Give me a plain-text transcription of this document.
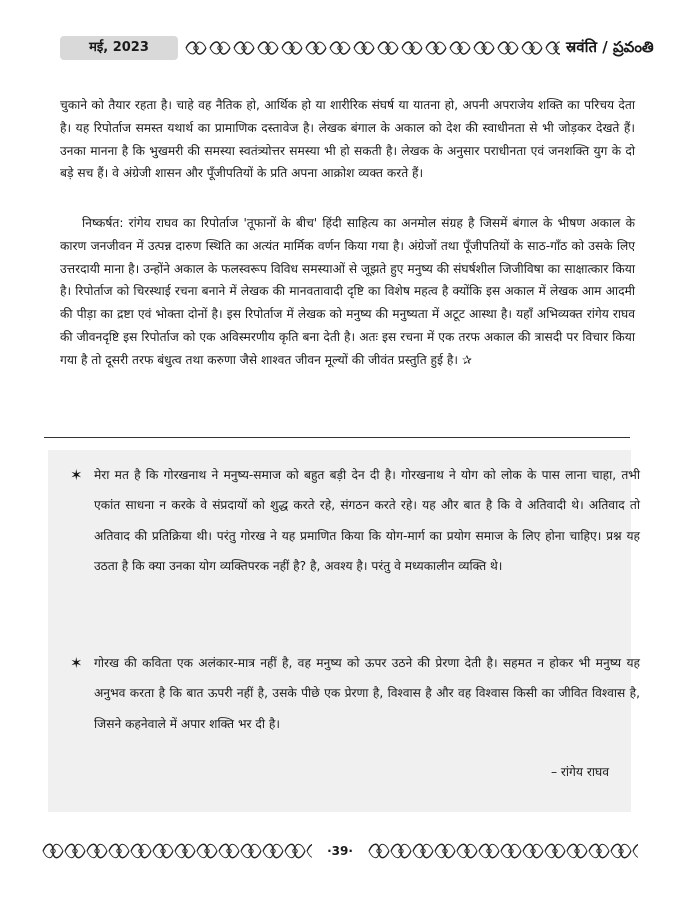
मई, 2023	स्रवंति / ప్రవంతి

चुकाने को तैयार रहता है। चाहे वह नैतिक हो, आर्थिक हो या शारीरिक संघर्ष या यातना हो, अपनी अपराजेय शक्ति का परिचय देता है। यह रिपोर्ताज समस्त यथार्थ का प्रामाणिक दस्तावेज है। लेखक बंगाल के अकाल को देश की स्वाधीनता से भी जोड़कर देखते हैं। उनका मानना है कि भुखमरी की समस्या स्वतंत्र्योत्तर समस्या भी हो सकती है। लेखक के अनुसार पराधीनता एवं जनशक्ति युग के दो बड़े सच हैं। वे अंग्रेजी शासन और पूँजीपतियों के प्रति अपना आक्रोश व्यक्त करते हैं।

निष्कर्षत: रांगेय राघव का रिपोर्ताज 'तूफानों के बीच' हिंदी साहित्य का अनमोल संग्रह है जिसमें बंगाल के भीषण अकाल के कारण जनजीवन में उत्पन्न दारुण स्थिति का अत्यंत मार्मिक वर्णन किया गया है। अंग्रेजों तथा पूँजीपतियों के साठ-गाँठ को उसके लिए उत्तरदायी माना है। उन्होंने अकाल के फलस्वरूप विविध समस्याओं से जूझते हुए मनुष्य की संघर्षशील जिजीविषा का साक्षात्कार किया है। रिपोर्ताज को चिरस्थाई रचना बनाने में लेखक की मानवतावादी दृष्टि का विशेष महत्व है क्योंकि इस अकाल में लेखक आम आदमी की पीड़ा का द्रष्टा एवं भोक्ता दोनों है। इस रिपोर्ताज में लेखक को मनुष्य की मनुष्यता में अटूट आस्था है। यहाँ अभिव्यक्त रांगेय राघव की जीवनदृष्टि इस रिपोर्ताज को एक अविस्मरणीय कृति बना देती है। अतः इस रचना में एक तरफ अकाल की त्रासदी पर विचार किया गया है तो दूसरी तरफ बंधुत्व तथा करुणा जैसे शाश्वत जीवन मूल्यों की जीवंत प्रस्तुति हुई है। ✰

✶ मेरा मत है कि गोरखनाथ ने मनुष्य-समाज को बहुत बड़ी देन दी है। गोरखनाथ ने योग को लोक के पास लाना चाहा, तभी एकांत साधना न करके वे संप्रदायों को शुद्ध करते रहे, संगठन करते रहे। यह और बात है कि वे अतिवादी थे। अतिवाद तो अतिवाद की प्रतिक्रिया थी। परंतु गोरख ने यह प्रमाणित किया कि योग-मार्ग का प्रयोग समाज के लिए होना चाहिए। प्रश्न यह उठता है कि क्या उनका योग व्यक्तिपरक नहीं है? है, अवश्य है। परंतु वे मध्यकालीन व्यक्ति थे।

✶ गोरख की कविता एक अलंकार-मात्र नहीं है, वह मनुष्य को ऊपर उठने की प्रेरणा देती है। सहमत न होकर भी मनुष्य यह अनुभव करता है कि बात ऊपरी नहीं है, उसके पीछे एक प्रेरणा है, विश्वास है और वह विश्वास किसी का जीवित विश्वास है, जिसने कहनेवाले में अपार शक्ति भर दी है।

– रांगेय राघव
·39·
